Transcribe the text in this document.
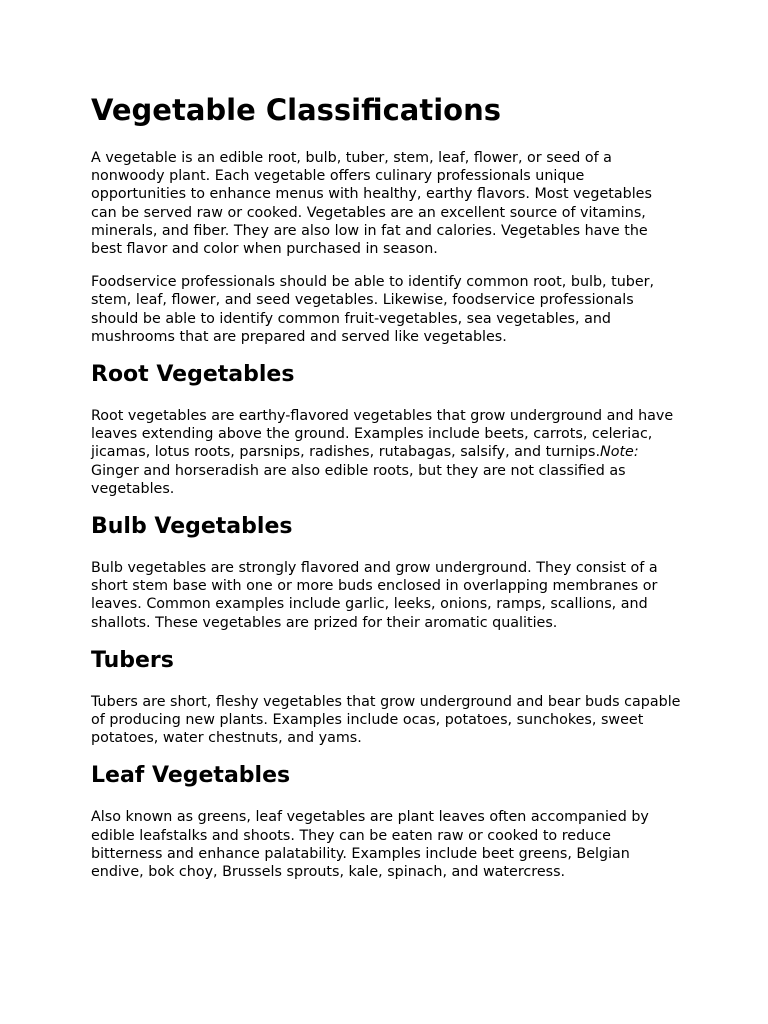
Vegetable Classifications

A vegetable is an edible root, bulb, tuber, stem, leaf, flower, or seed of a nonwoody plant. Each vegetable offers culinary professionals unique opportunities to enhance menus with healthy, earthy flavors. Most vegetables can be served raw or cooked. Vegetables are an excellent source of vitamins, minerals, and fiber. They are also low in fat and calories. Vegetables have the best flavor and color when purchased in season.

Foodservice professionals should be able to identify common root, bulb, tuber, stem, leaf, flower, and seed vegetables. Likewise, foodservice professionals should be able to identify common fruit-vegetables, sea vegetables, and mushrooms that are prepared and served like vegetables.

Root Vegetables

Root vegetables are earthy-flavored vegetables that grow underground and have leaves extending above the ground. Examples include beets, carrots, celeriac, jicamas, lotus roots, parsnips, radishes, rutabagas, salsify, and turnips.Note: Ginger and horseradish are also edible roots, but they are not classified as vegetables.

Bulb Vegetables

Bulb vegetables are strongly flavored and grow underground. They consist of a short stem base with one or more buds enclosed in overlapping membranes or leaves. Common examples include garlic, leeks, onions, ramps, scallions, and shallots. These vegetables are prized for their aromatic qualities.

Tubers

Tubers are short, fleshy vegetables that grow underground and bear buds capable of producing new plants. Examples include ocas, potatoes, sunchokes, sweet potatoes, water chestnuts, and yams.

Leaf Vegetables

Also known as greens, leaf vegetables are plant leaves often accompanied by edible leafstalks and shoots. They can be eaten raw or cooked to reduce bitterness and enhance palatability. Examples include beet greens, Belgian endive, bok choy, Brussels sprouts, kale, spinach, and watercress.
